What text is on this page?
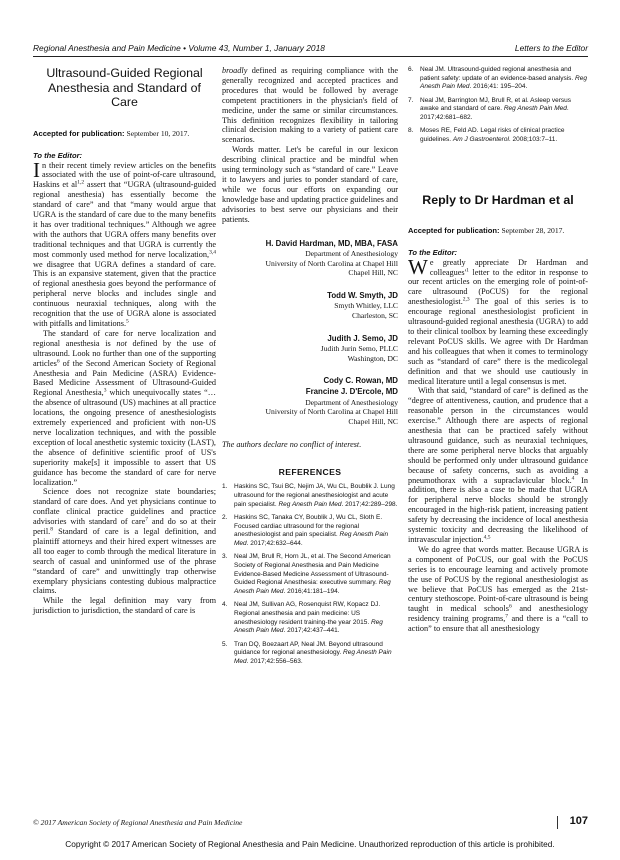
Regional Anesthesia and Pain Medicine • Volume 43, Number 1, January 2018	Letters to the Editor
Ultrasound-Guided Regional Anesthesia and Standard of Care
Accepted for publication: September 10, 2017.
To the Editor:

In their recent timely review articles on the benefits associated with the use of point-of-care ultrasound, Haskins et al$^{1,2}$ assert that “UGRA (ultrasound-guided regional anesthesia) has essentially become the standard of care” and that “many would argue that UGRA is the standard of care due to the many benefits it has over traditional techniques.” Although we agree with the authors that UGRA offers many benefits over traditional techniques and that UGRA is currently the most commonly used method for nerve localization,$^{3,4}$ we disagree that UGRA defines a standard of care. This is an expansive statement, given that the practice of regional anesthesia goes beyond the performance of peripheral nerve blocks and includes single and continuous neuraxial techniques, along with the recognition that the use of UGRA alone is associated with pitfalls and limitations.$^5$

The standard of care for nerve localization and regional anesthesia is not defined by the use of ultrasound. Look no further than one of the supporting articles$^6$ of the Second American Society of Regional Anesthesia and Pain Medicine (ASRA) Evidence-Based Medicine Assessment of Ultrasound-Guided Regional Anesthesia,$^3$ which unequivocally states “…the absence of ultrasound (US) machines at all practice locations, the ongoing presence of anesthesiologists extremely experienced and proficient with non-US nerve localization techniques, and with the possible exception of local anesthetic systemic toxicity (LAST), the absence of definitive scientific proof of US's superiority make[s] it impossible to assert that US guidance has become the standard of care for nerve localization.”

Science does not recognize state boundaries; standard of care does. And yet physicians continue to conflate clinical practice guidelines and practice advisories with standard of care$^7$ and do so at their peril.$^8$ Standard of care is a legal definition, and plaintiff attorneys and their hired expert witnesses are all too eager to comb through the medical literature in search of casual and uninformed use of the phrase “standard of care” and unwittingly trap otherwise exemplary physicians contesting dubious malpractice claims.

While the legal definition may vary from jurisdiction to jurisdiction, the standard of care is

broadly defined as requiring compliance with the generally recognized and accepted practices and procedures that would be followed by average competent practitioners in the physician's field of medicine, under the same or similar circumstances. This definition recognizes flexibility in tailoring clinical decision making to a variety of patient care scenarios.

Words matter. Let's be careful in our lexicon describing clinical practice and be mindful when using terminology such as “standard of care.” Leave it to lawyers and juries to ponder standard of care, while we focus our efforts on expanding our knowledge base and updating practice guidelines and advisories to best serve our physicians and their patients.

H. David Hardman, MD, MBA, FASA
Department of Anesthesiology
University of North Carolina at Chapel Hill
Chapel Hill, NC
Todd W. Smyth, JD
Smyth Whitley, LLC
Charleston, SC
Judith J. Semo, JD
Judith Jurin Semo, PLLC
Washington, DC
Cody C. Rowan, MD
Francine J. D'Ercole, MD
Department of Anesthesiology
University of North Carolina at Chapel Hill
Chapel Hill, NC
The authors declare no conflict of interest.
REFERENCES
1. Haskins SC, Tsui BC, Nejim JA, Wu CL, Boublik J. Lung ultrasound for the regional anesthesiologist and acute pain specialist. Reg Anesth Pain Med. 2017;42:289–298.
2. Haskins SC, Tanaka CY, Boublik J, Wu CL, Sloth E. Focused cardiac ultrasound for the regional anesthesiologist and pain specialist. Reg Anesth Pain Med. 2017;42:632–644.
3. Neal JM, Brull R, Horn JL, et al. The Second American Society of Regional Anesthesia and Pain Medicine Evidence-Based Medicine Assessment of Ultrasound-Guided Regional Anesthesia: executive summary. Reg Anesth Pain Med. 2016;41:181–194.
4. Neal JM, Sullivan AG, Rosenquist RW, Kopacz DJ. Regional anesthesia and pain medicine: US anesthesiology resident training-the year 2015. Reg Anesth Pain Med. 2017;42:437–441.
5. Tran DQ, Boezaart AP, Neal JM. Beyond ultrasound guidance for regional anesthesiology. Reg Anesth Pain Med. 2017;42:556–563.
6. Neal JM. Ultrasound-guided regional anesthesia and patient safety: update of an evidence-based analysis. Reg Anesth Pain Med. 2016;41: 195–204.
7. Neal JM, Barrington MJ, Brull R, et al. Asleep versus awake and standard of care. Reg Anesth Pain Med. 2017;42:681–682.
8. Moses RE, Feld AD. Legal risks of clinical practice guidelines. Am J Gastroenterol. 2008;103:7–11.
Reply to Dr Hardman et al
Accepted for publication: September 28, 2017.
To the Editor:

We greatly appreciate Dr Hardman and $colleagues'^1$ letter to the editor in response to our recent articles on the emerging role of point-of-care ultrasound (PoCUS) for the regional anesthesiologist.$^{2,3}$ The goal of this series is to encourage regional anesthesiologist proficient in ultrasound-guided regional anesthesia (UGRA) to add to their clinical toolbox by learning these exceedingly relevant PoCUS skills. We agree with Dr Hardman and his colleagues that when it comes to terminology such as “standard of care” there is the medicolegal definition and that we should use cautiously in medical literature until a legal consensus is met.

With that said, “standard of care” is defined as the “degree of attentiveness, caution, and prudence that a reasonable person in the circumstances would exercise.” Although there are aspects of regional anesthesia that can be practiced safely without ultrasound guidance, such as neuraxial techniques, there are some peripheral nerve blocks that arguably should be performed only under ultrasound guidance because of safety concerns, such as avoiding a pneumothorax with a supraclavicular block.$^4$ In addition, there is also a case to be made that UGRA for peripheral nerve blocks should be strongly encouraged in the high-risk patient, increasing patient safety by decreasing the incidence of local anesthesia systemic toxicity and decreasing the likelihood of intravascular injection.$^{4,5}$

We do agree that words matter. Because UGRA is a component of PoCUS, our goal with the PoCUS series is to encourage learning and actively promote the use of PoCUS by the regional anesthesiologist as we believe that PoCUS has emerged as the 21st-century stethoscope. Point-of-care ultrasound is being taught in medical schools$^6$ and anesthesiology residency training programs,$^7$ and there is a “call to action” to ensure that all anesthesiology

© 2017 American Society of Regional Anesthesia and Pain Medicine	107
Copyright © 2017 American Society of Regional Anesthesia and Pain Medicine. Unauthorized reproduction of this article is prohibited.
